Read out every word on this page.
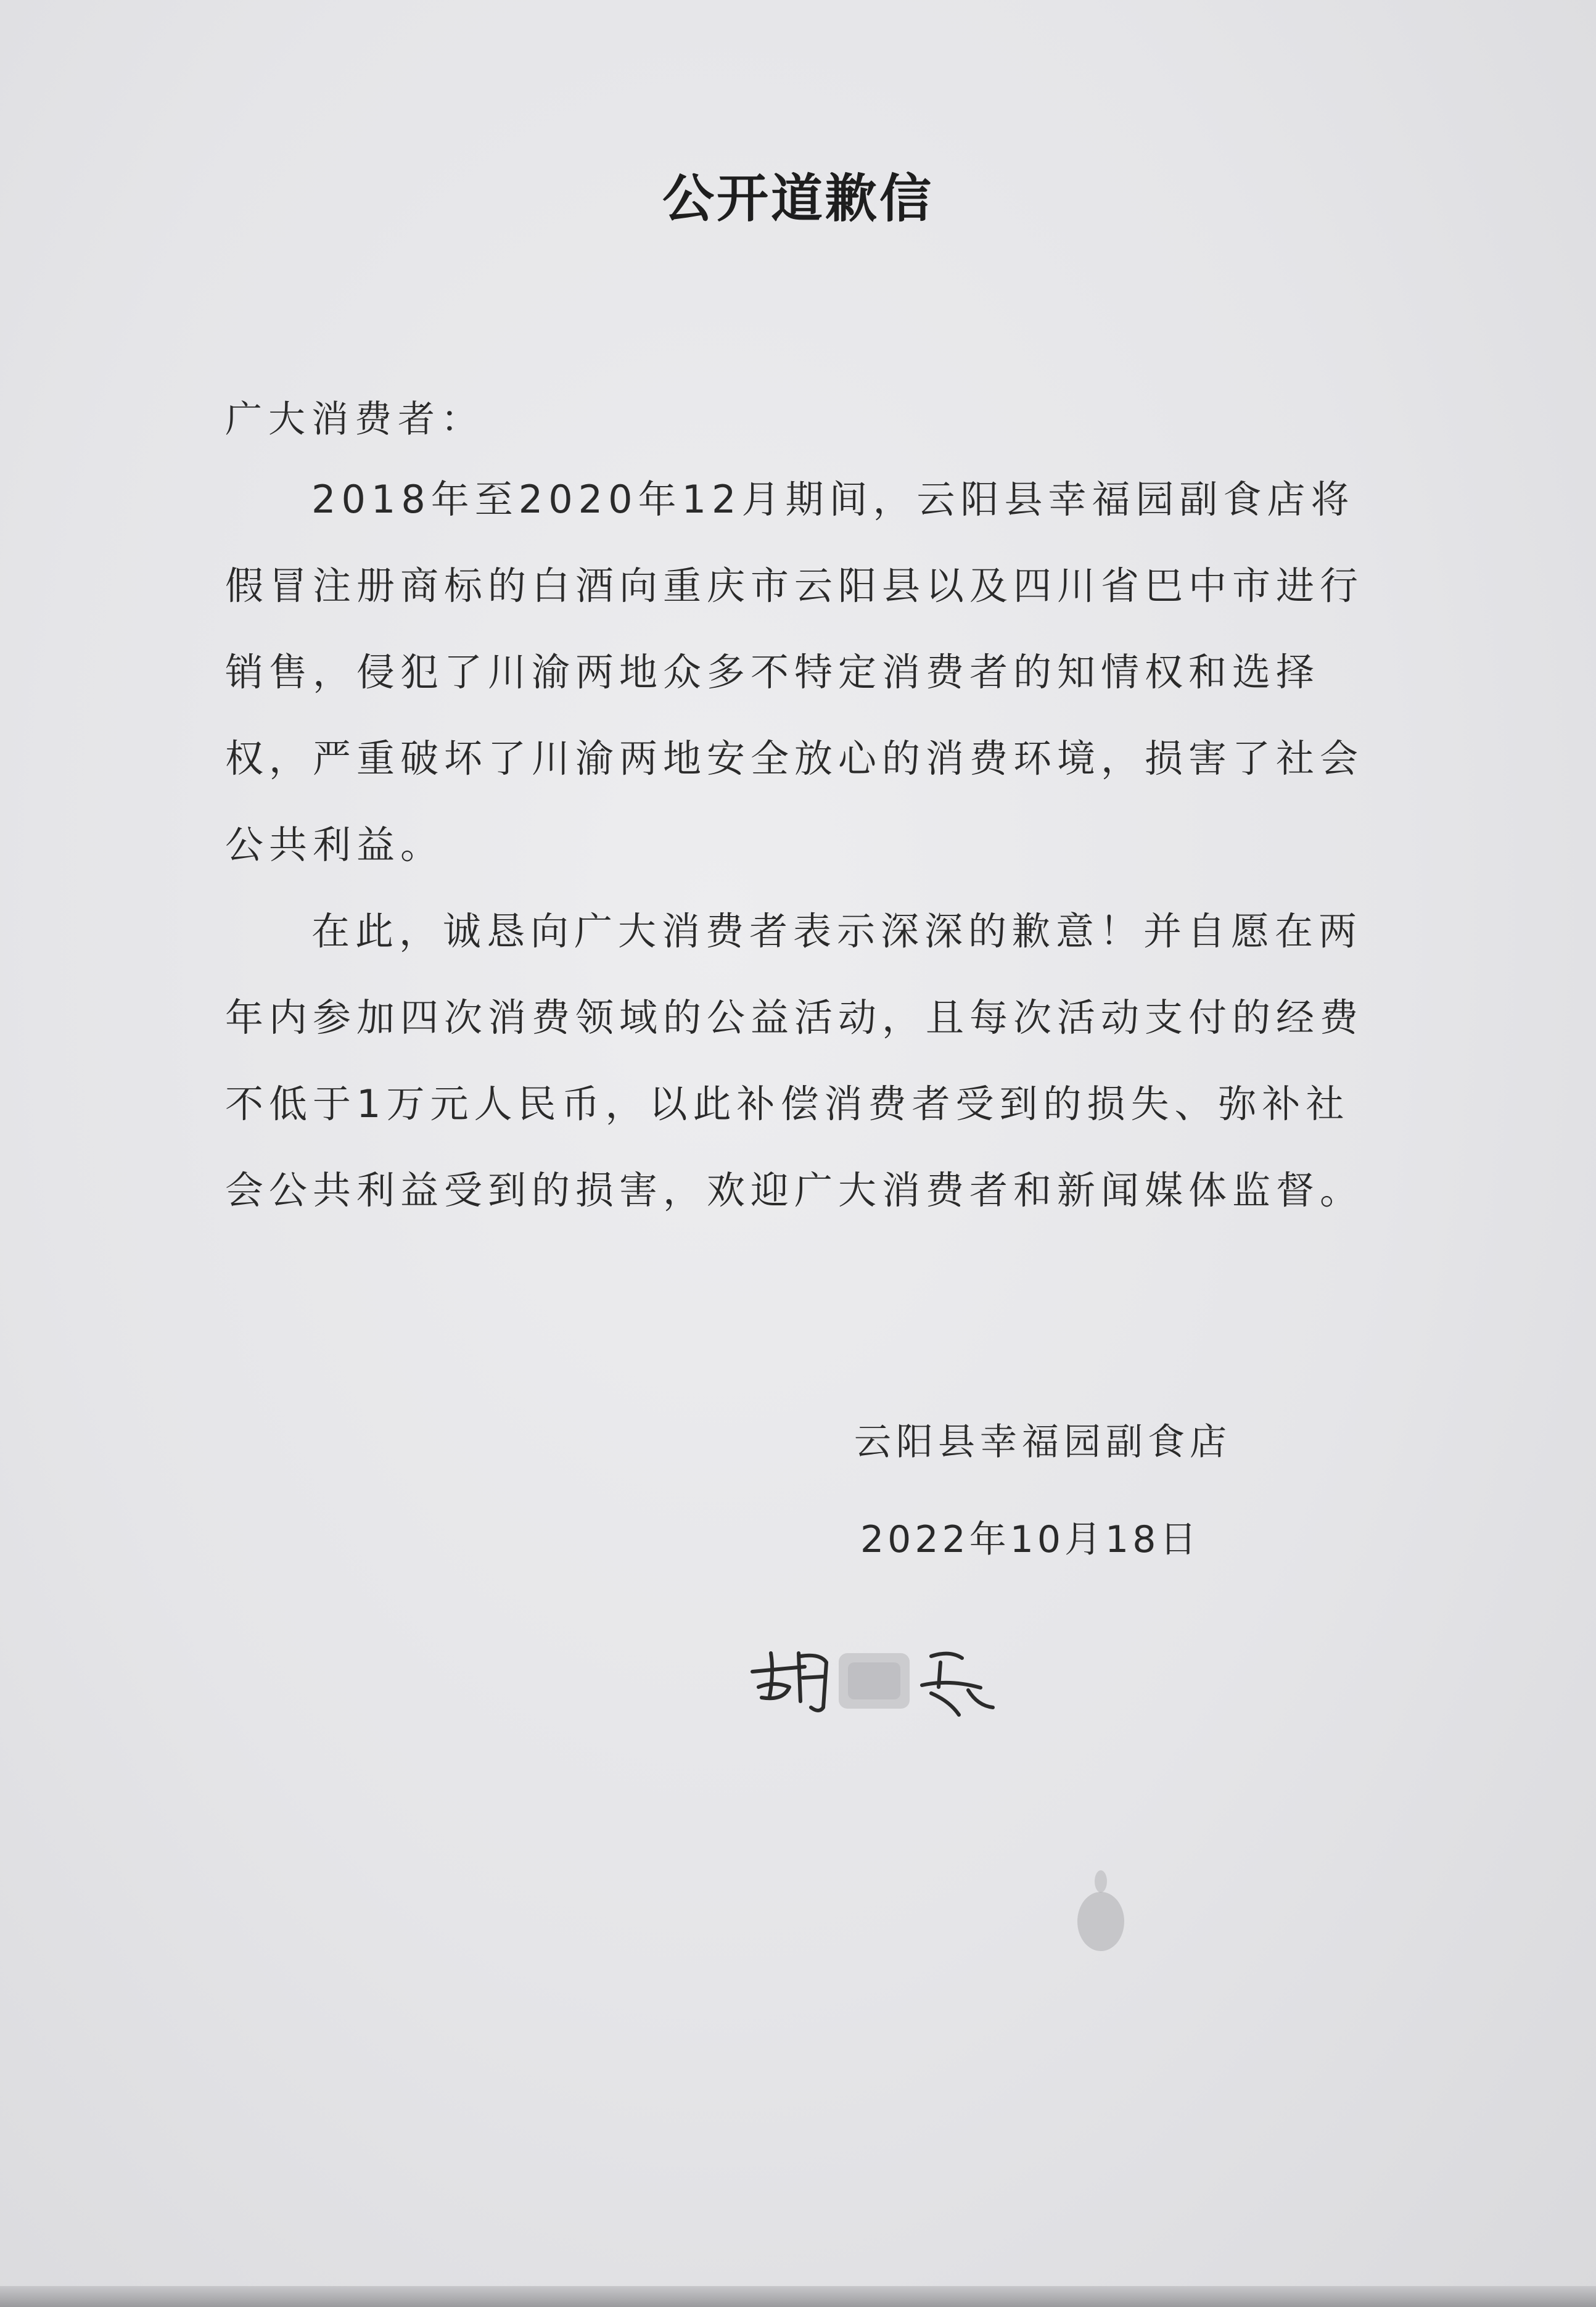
公开道歉信
广大消费者：

2018年至2020年12月期间，云阳县幸福园副食店将假冒注册商标的白酒向重庆市云阳县以及四川省巴中市进行销售，侵犯了川渝两地众多不特定消费者的知情权和选择权，严重破坏了川渝两地安全放心的消费环境，损害了社会公共利益。

在此，诚恳向广大消费者表示深深的歉意！并自愿在两年内参加四次消费领域的公益活动，且每次活动支付的经费不低于1万元人民币，以此补偿消费者受到的损失、弥补社会公共利益受到的损害，欢迎广大消费者和新闻媒体监督。

云阳县幸福园副食店
2022年10月18日
